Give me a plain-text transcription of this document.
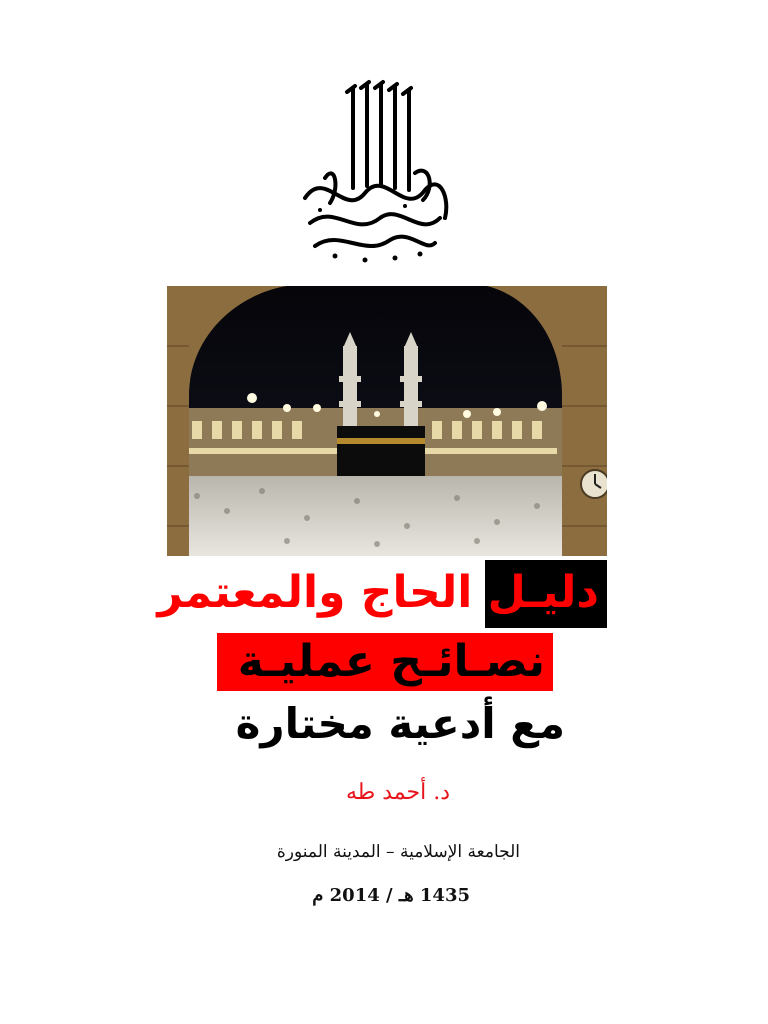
دليـل الحاج والمعتمر
نصـائـح عمليـة
مع أدعية مختارة
د. أحمد طه
الجامعة الإسلامية – المدينة المنورة
1435 هـ / 2014 م
